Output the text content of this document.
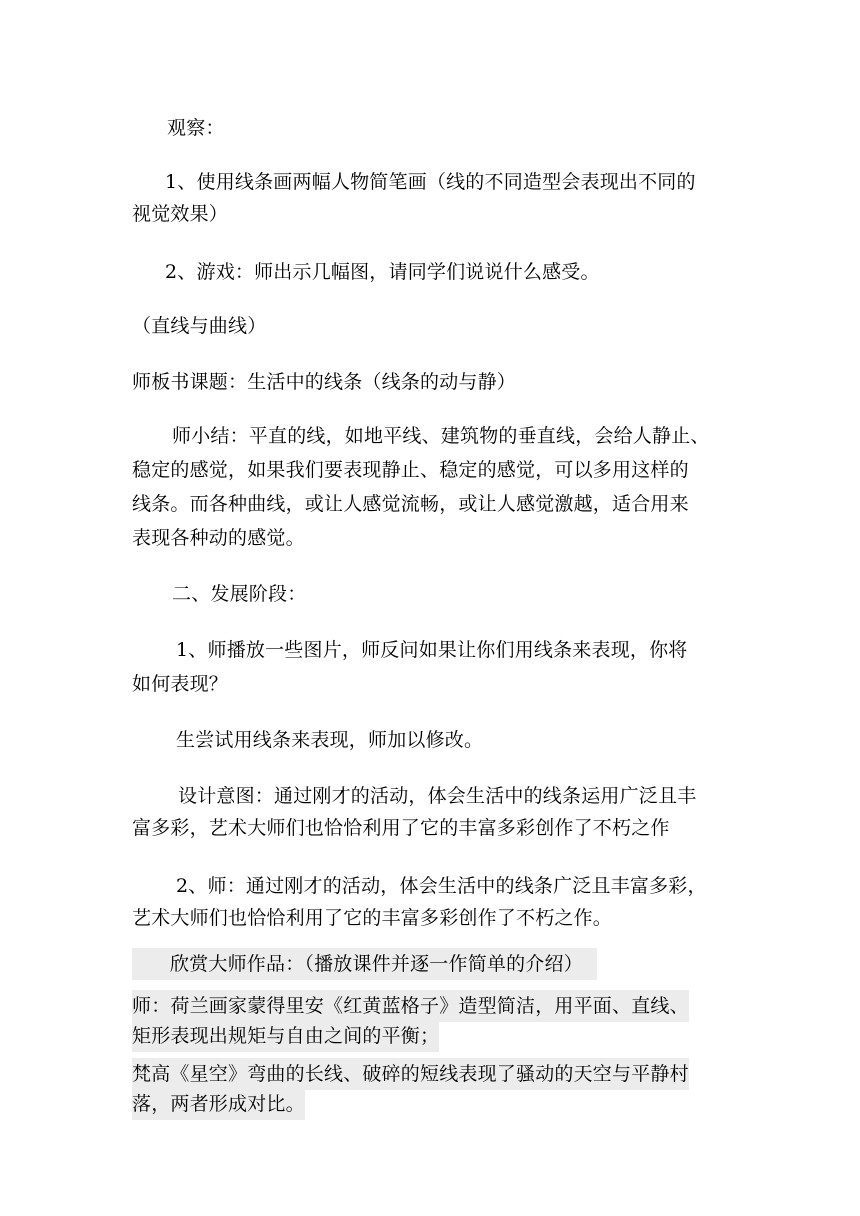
观察：
1、使用线条画两幅人物简笔画（线的不同造型会表现出不同的
视觉效果）
2、游戏：师出示几幅图，请同学们说说什么感受。
（直线与曲线）
师板书课题：生活中的线条（线条的动与静）
师小结：平直的线，如地平线、建筑物的垂直线，会给人静止、
稳定的感觉，如果我们要表现静止、稳定的感觉，可以多用这样的
线条。而各种曲线，或让人感觉流畅，或让人感觉激越，适合用来
表现各种动的感觉。
二、发展阶段：
1、师播放一些图片，师反问如果让你们用线条来表现，你将
如何表现？
生尝试用线条来表现，师加以修改。
设计意图：通过刚才的活动，体会生活中的线条运用广泛且丰
富多彩，艺术大师们也恰恰利用了它的丰富多彩创作了不朽之作
2、师：通过刚才的活动，体会生活中的线条广泛且丰富多彩，
艺术大师们也恰恰利用了它的丰富多彩创作了不朽之作。
欣赏大师作品：（播放课件并逐一作简单的介绍）
师：荷兰画家蒙得里安《红黄蓝格子》造型简洁，用平面、直线、
矩形表现出规矩与自由之间的平衡；
梵高《星空》弯曲的长线、破碎的短线表现了骚动的天空与平静村
落，两者形成对比。
